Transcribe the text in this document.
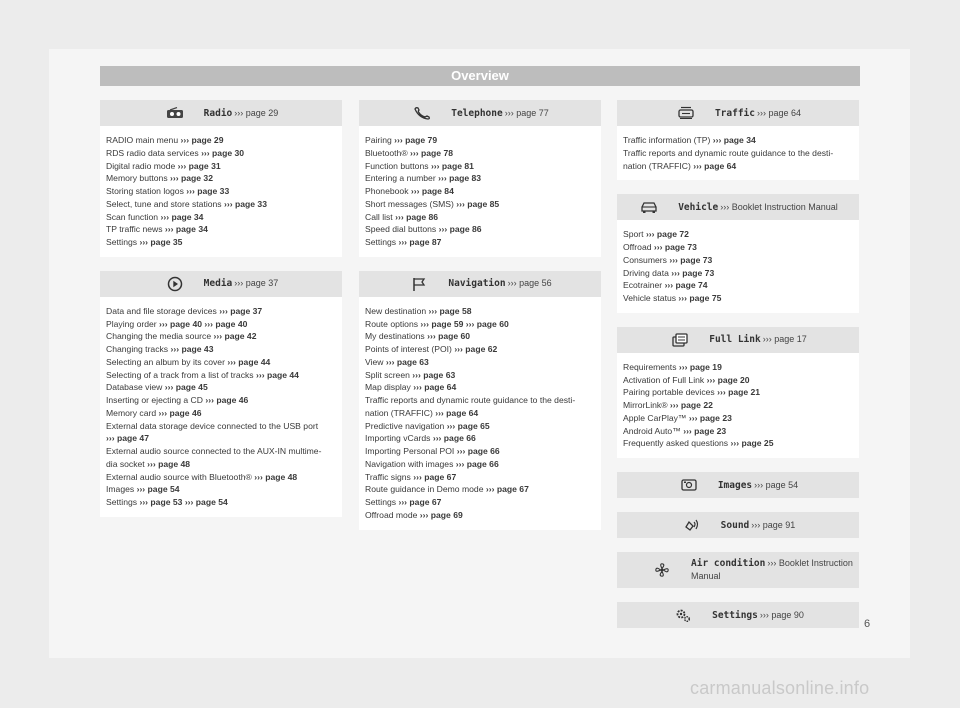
Overview
Radio ››› page 29
RADIO main menu ››› page 29
RDS radio data services ››› page 30
Digital radio mode ››› page 31
Memory buttons ››› page 32
Storing station logos ››› page 33
Select, tune and store stations ››› page 33
Scan function ››› page 34
TP traffic news ››› page 34
Settings ››› page 35
Media ››› page 37
Data and file storage devices ››› page 37
Playing order ››› page 40 ››› page 40
Changing the media source ››› page 42
Changing tracks ››› page 43
Selecting an album by its cover ››› page 44
Selecting of a track from a list of tracks ››› page 44
Database view ››› page 45
Inserting or ejecting a CD ››› page 46
Memory card ››› page 46
External data storage device connected to the USB port
››› page 47
External audio source connected to the AUX-IN multime-
dia socket ››› page 48
External audio source with Bluetooth® ››› page 48
Images ››› page 54
Settings ››› page 53 ››› page 54
Telephone ››› page 77
Pairing ››› page 79
Bluetooth® ››› page 78
Function buttons ››› page 81
Entering a number ››› page 83
Phonebook ››› page 84
Short messages (SMS) ››› page 85
Call list ››› page 86
Speed dial buttons ››› page 86
Settings ››› page 87
Navigation ››› page 56
New destination ››› page 58
Route options ››› page 59 ››› page 60
My destinations ››› page 60
Points of interest (POI) ››› page 62
View ››› page 63
Split screen ››› page 63
Map display ››› page 64
Traffic reports and dynamic route guidance to the desti-
nation (TRAFFIC) ››› page 64
Predictive navigation ››› page 65
Importing vCards ››› page 66
Importing Personal POI ››› page 66
Navigation with images ››› page 66
Traffic signs ››› page 67
Route guidance in Demo mode ››› page 67
Settings ››› page 67
Offroad mode ››› page 69
Traffic ››› page 64
Traffic information (TP) ››› page 34
Traffic reports and dynamic route guidance to the desti-
nation (TRAFFIC) ››› page 64
Vehicle ››› Booklet Instruction Manual
Sport ››› page 72
Offroad ››› page 73
Consumers ››› page 73
Driving data ››› page 73
Ecotrainer ››› page 74
Vehicle status ››› page 75
Full Link ››› page 17
Requirements ››› page 19
Activation of Full Link ››› page 20
Pairing portable devices ››› page 21
MirrorLink® ››› page 22
Apple CarPlay™ ››› page 23
Android Auto™ ››› page 23
Frequently asked questions ››› page 25
Images ››› page 54
Sound ››› page 91
Air condition ››› Booklet Instruction Manual
Settings ››› page 90
6
carmanualsonline.info
